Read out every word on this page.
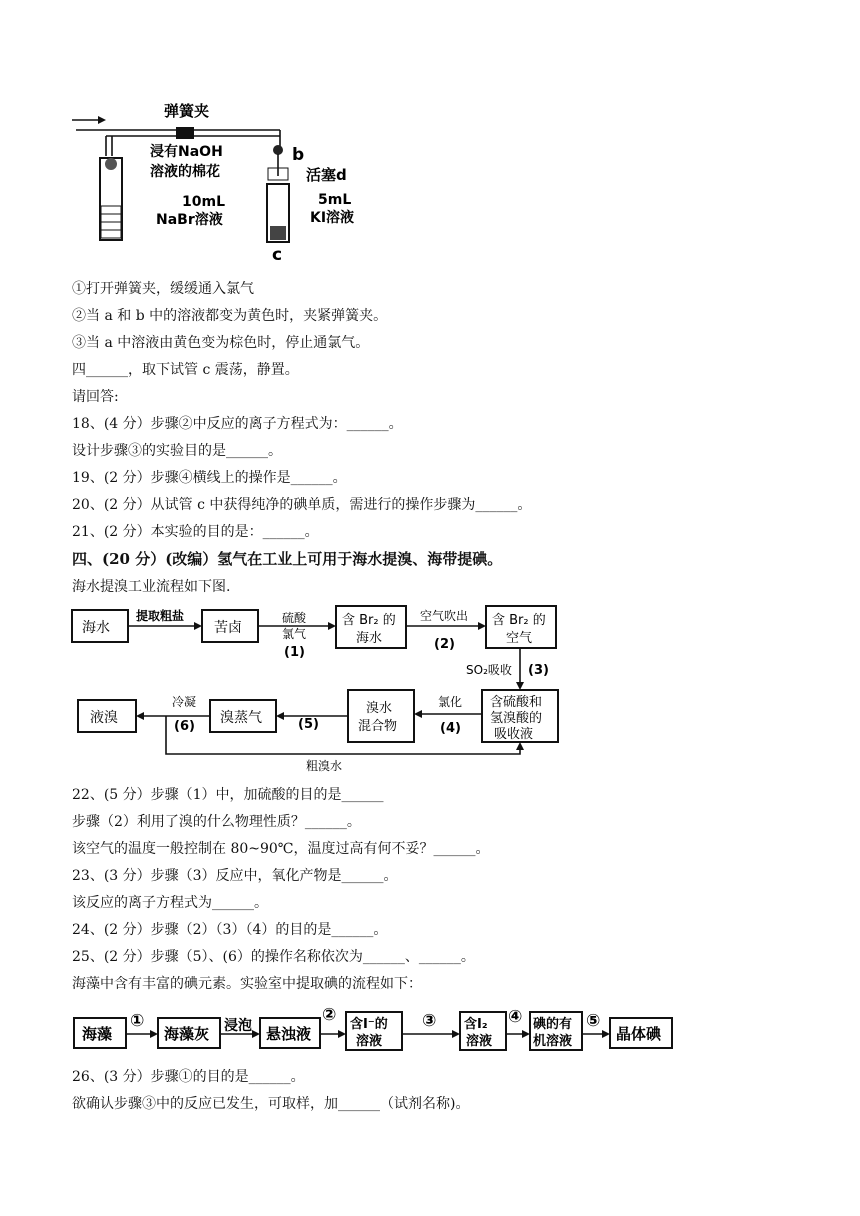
弹簧夹
浸有NaOH
溶液的棉花
b
活塞d
10mL
NaBr溶液
5mL
KI溶液
c
①打开弹簧夹，缓缓通入氯气
②当 a 和 b 中的溶液都变为黄色时，夹紧弹簧夹。
③当 a 中溶液由黄色变为棕色时，停止通氯气。
四______，取下试管 c 震荡，静置。
请回答:
18、(4 分）步骤②中反应的离子方程式为：______。
设计步骤③的实验目的是______。
19、(2 分）步骤④横线上的操作是______。
20、(2 分）从试管 c 中获得纯净的碘单质，需进行的操作步骤为______。
21、(2 分）本实验的目的是：______。
四、(20 分）(改编）氢气在工业上可用于海水提溴、海带提碘。
海水提溴工业流程如下图.
海水
提取粗盐
苦卤
硫酸
氯气
(1)
含 Br₂ 的
海水
空气吹出
(2)
含 Br₂ 的
空气
SO₂吸收 (3)
含硫酸和
氢溴酸的
吸收液
氯化
(4)
溴水
混合物
(5)
溴蒸气
冷凝
(6)
液溴
粗溴水
22、(5 分）步骤（1）中，加硫酸的目的是______
步骤（2）利用了溴的什么物理性质？______。
该空气的温度一般控制在 80~90℃，温度过高有何不妥？______。
23、(3 分）步骤（3）反应中，氧化产物是______。
该反应的离子方程式为______。
24、(2 分）步骤（2）（3）（4）的目的是______。
25、(2 分）步骤（5）、(6）的操作名称依次为______、______。
海藻中含有丰富的碘元素。实验室中提取碘的流程如下：
海藻
①
海藻灰 浸泡 悬浊液
② 含I⁻的
溶液
③ 含I₂
溶液
④ 碘的有
机溶液
⑤
晶体碘
26、(3 分）步骤①的目的是______。
欲确认步骤③中的反应已发生，可取样，加______（试剂名称)。
